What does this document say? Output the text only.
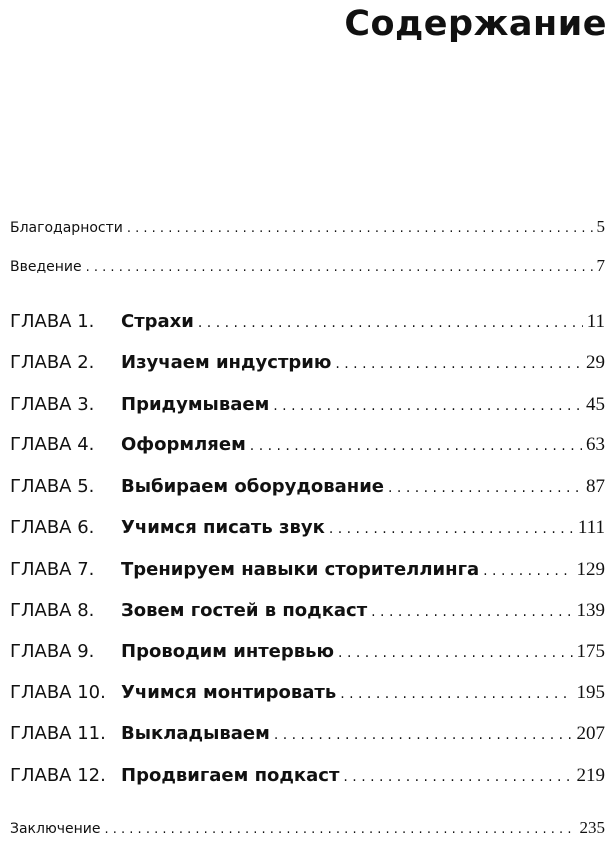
Содержание
Благодарности . . .	5
Введение . . .	7
ГЛАВА 1.	Страхи . . .	11
ГЛАВА 2.	Изучаем индустрию . . .	29
ГЛАВА 3.	Придумываем . . .	45
ГЛАВА 4.	Оформляем . . .	63
ГЛАВА 5.	Выбираем оборудование . . .	87
ГЛАВА 6.	Учимся писать звук . . .	111
ГЛАВА 7.	Тренируем навыки сторителлинга . . .	129
ГЛАВА 8.	Зовем гостей в подкаст . . .	139
ГЛАВА 9.	Проводим интервью . . .	175
ГЛАВА 10. Учимся монтировать . . .	195
ГЛАВА 11. Выкладываем . . .	207
ГЛАВА 12. Продвигаем подкаст . . .	219
Заключение . . .	235
